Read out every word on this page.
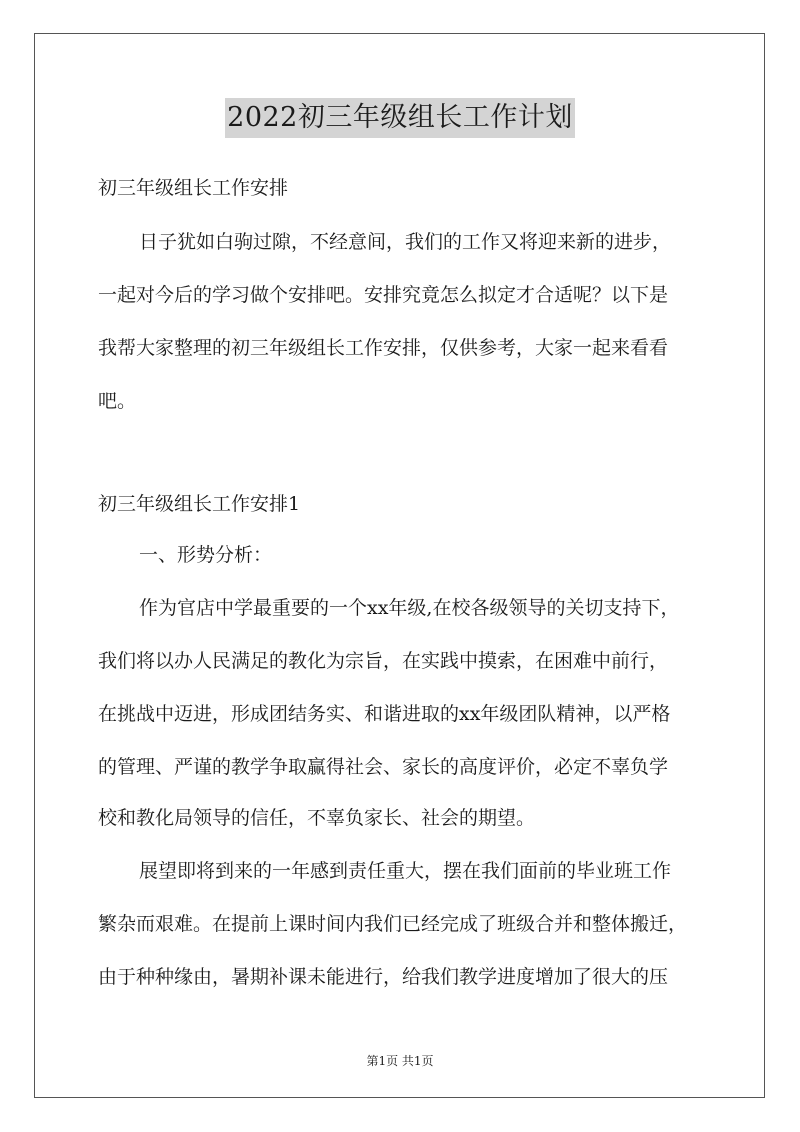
2022初三年级组长工作计划
初三年级组长工作安排
日子犹如白驹过隙，不经意间，我们的工作又将迎来新的进步，
一起对今后的学习做个安排吧。安排究竟怎么拟定才合适呢？以下是
我帮大家整理的初三年级组长工作安排，仅供参考，大家一起来看看
吧。
初三年级组长工作安排1
一、形势分析：
作为官店中学最重要的一个xx年级,在校各级领导的关切支持下，
我们将以办人民满足的教化为宗旨，在实践中摸索，在困难中前行，
在挑战中迈进，形成团结务实、和谐进取的xx年级团队精神，以严格
的管理、严谨的教学争取赢得社会、家长的高度评价，必定不辜负学
校和教化局领导的信任，不辜负家长、社会的期望。
展望即将到来的一年感到责任重大，摆在我们面前的毕业班工作
繁杂而艰难。在提前上课时间内我们已经完成了班级合并和整体搬迁，
由于种种缘由，暑期补课未能进行，给我们教学进度增加了很大的压
第1页 共1页
